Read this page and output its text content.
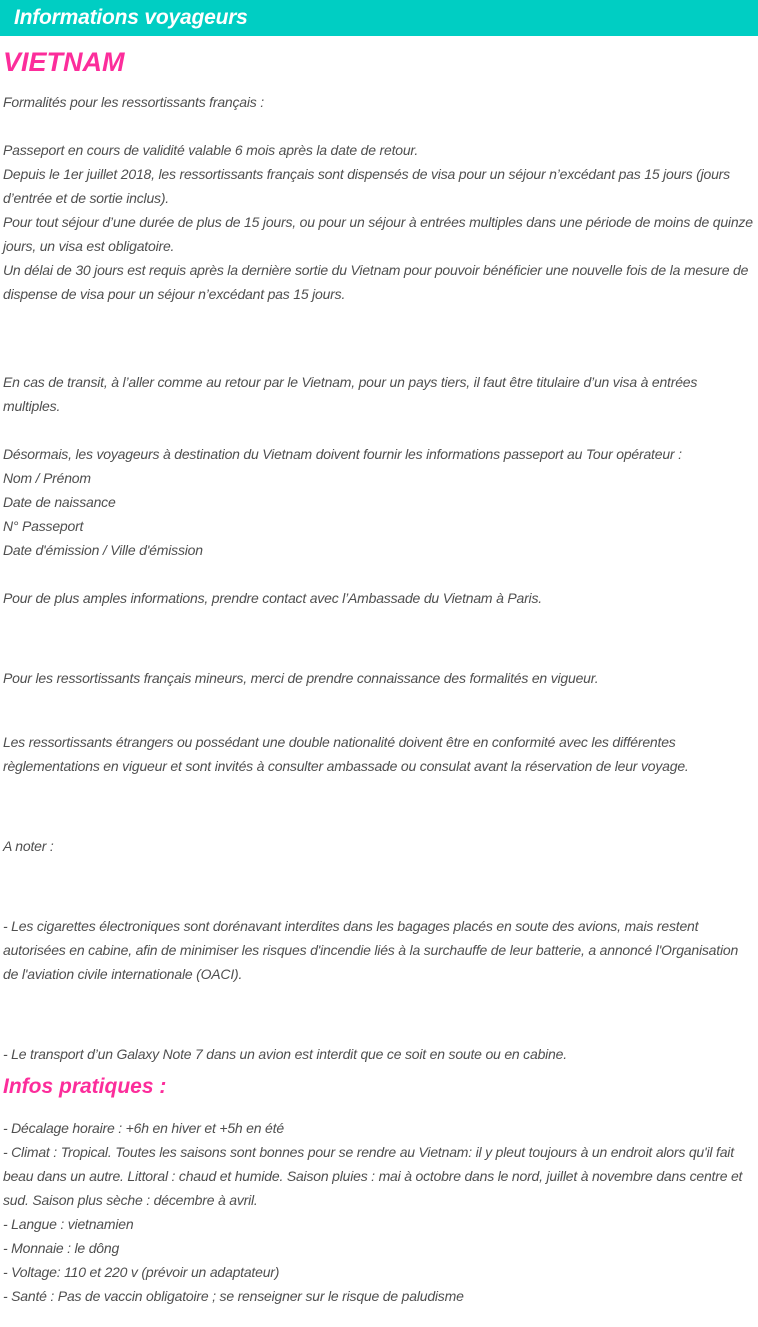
Informations voyageurs
VIETNAM

Formalités pour les ressortissants français :

Passeport en cours de validité valable 6 mois après la date de retour.

Depuis le 1er juillet 2018, les ressortissants français sont dispensés de visa pour un séjour n’excédant pas 15 jours (jours d’entrée et de sortie inclus).

Pour tout séjour d’une durée de plus de 15 jours, ou pour un séjour à entrées multiples dans une période de moins de quinze jours, un visa est obligatoire.

Un délai de 30 jours est requis après la dernière sortie du Vietnam pour pouvoir bénéficier une nouvelle fois de la mesure de dispense de visa pour un séjour n’excédant pas 15 jours.

En cas de transit, à l’aller comme au retour par le Vietnam, pour un pays tiers, il faut être titulaire d’un visa à entrées multiples.

Désormais, les voyageurs à destination du Vietnam doivent fournir les informations passeport au Tour opérateur :

Nom / Prénom

Date de naissance

N° Passeport

Date d'émission / Ville d'émission

Pour de plus amples informations, prendre contact avec l’Ambassade du Vietnam à Paris.

Pour les ressortissants français mineurs, merci de prendre connaissance des formalités en vigueur.

Les ressortissants étrangers ou possédant une double nationalité doivent être en conformité avec les différentes règlementations en vigueur et sont invités à consulter ambassade ou consulat avant la réservation de leur voyage.

A noter :

- Les cigarettes électroniques sont dorénavant interdites dans les bagages placés en soute des avions, mais restent autorisées en cabine, afin de minimiser les risques d'incendie liés à la surchauffe de leur batterie, a annoncé l'Organisation de l'aviation civile internationale (OACI).

- Le transport d’un Galaxy Note 7 dans un avion est interdit que ce soit en soute ou en cabine.

Infos pratiques :

- Décalage horaire : +6h en hiver et +5h en été

- Climat : Tropical. Toutes les saisons sont bonnes pour se rendre au Vietnam: il y pleut toujours à un endroit alors qu'il fait beau dans un autre. Littoral : chaud et humide. Saison pluies : mai à octobre dans le nord, juillet à novembre dans centre et sud. Saison plus sèche : décembre à avril.

- Langue : vietnamien

- Monnaie : le dông

- Voltage: 110 et 220 v (prévoir un adaptateur)

- Santé : Pas de vaccin obligatoire ; se renseigner sur le risque de paludisme
